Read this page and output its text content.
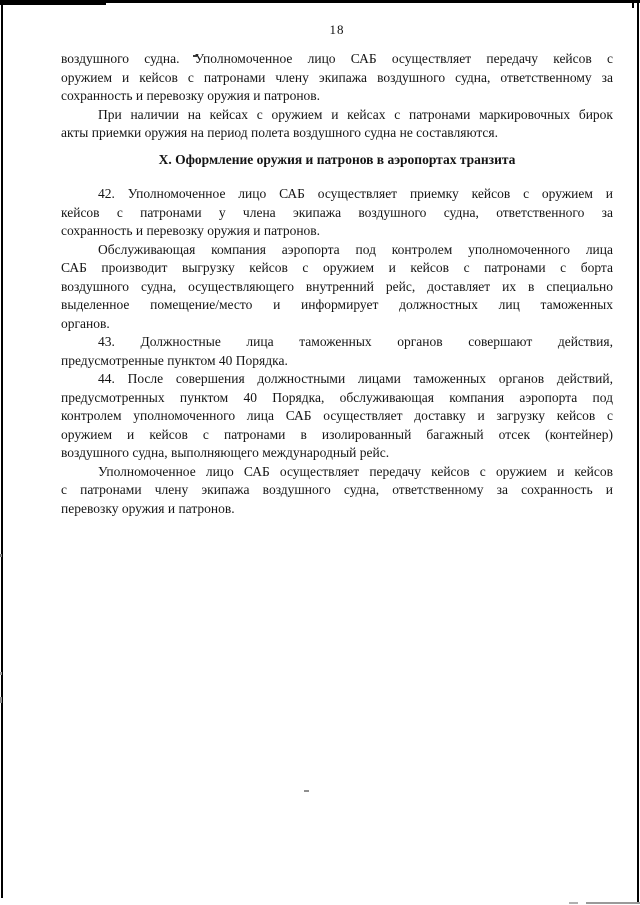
18
воздушного судна. Уполномоченное лицо САБ осуществляет передачу кейсов с
оружием и кейсов с патронами члену экипажа воздушного судна, ответственному за
сохранность и перевозку оружия и патронов.
При наличии на кейсах с оружием и кейсах с патронами маркировочных бирок
акты приемки оружия на период полета воздушного судна не составляются.
X. Оформление оружия и патронов в аэропортах транзита
42. Уполномоченное лицо САБ осуществляет приемку кейсов с оружием и
кейсов с патронами у члена экипажа воздушного судна, ответственного за
сохранность и перевозку оружия и патронов.
Обслуживающая компания аэропорта под контролем уполномоченного лица
САБ производит выгрузку кейсов с оружием и кейсов с патронами с борта
воздушного судна, осуществляющего внутренний рейс, доставляет их в специально
выделенное помещение/место и информирует должностных лиц таможенных
органов.
43. Должностные лица таможенных органов совершают действия,
предусмотренные пунктом 40 Порядка.
44. После совершения должностными лицами таможенных органов действий,
предусмотренных пунктом 40 Порядка, обслуживающая компания аэропорта под
контролем уполномоченного лица САБ осуществляет доставку и загрузку кейсов с
оружием и кейсов с патронами в изолированный багажный отсек (контейнер)
воздушного судна, выполняющего международный рейс.
Уполномоченное лицо САБ осуществляет передачу кейсов с оружием и кейсов
с патронами члену экипажа воздушного судна, ответственному за сохранность и
перевозку оружия и патронов.
